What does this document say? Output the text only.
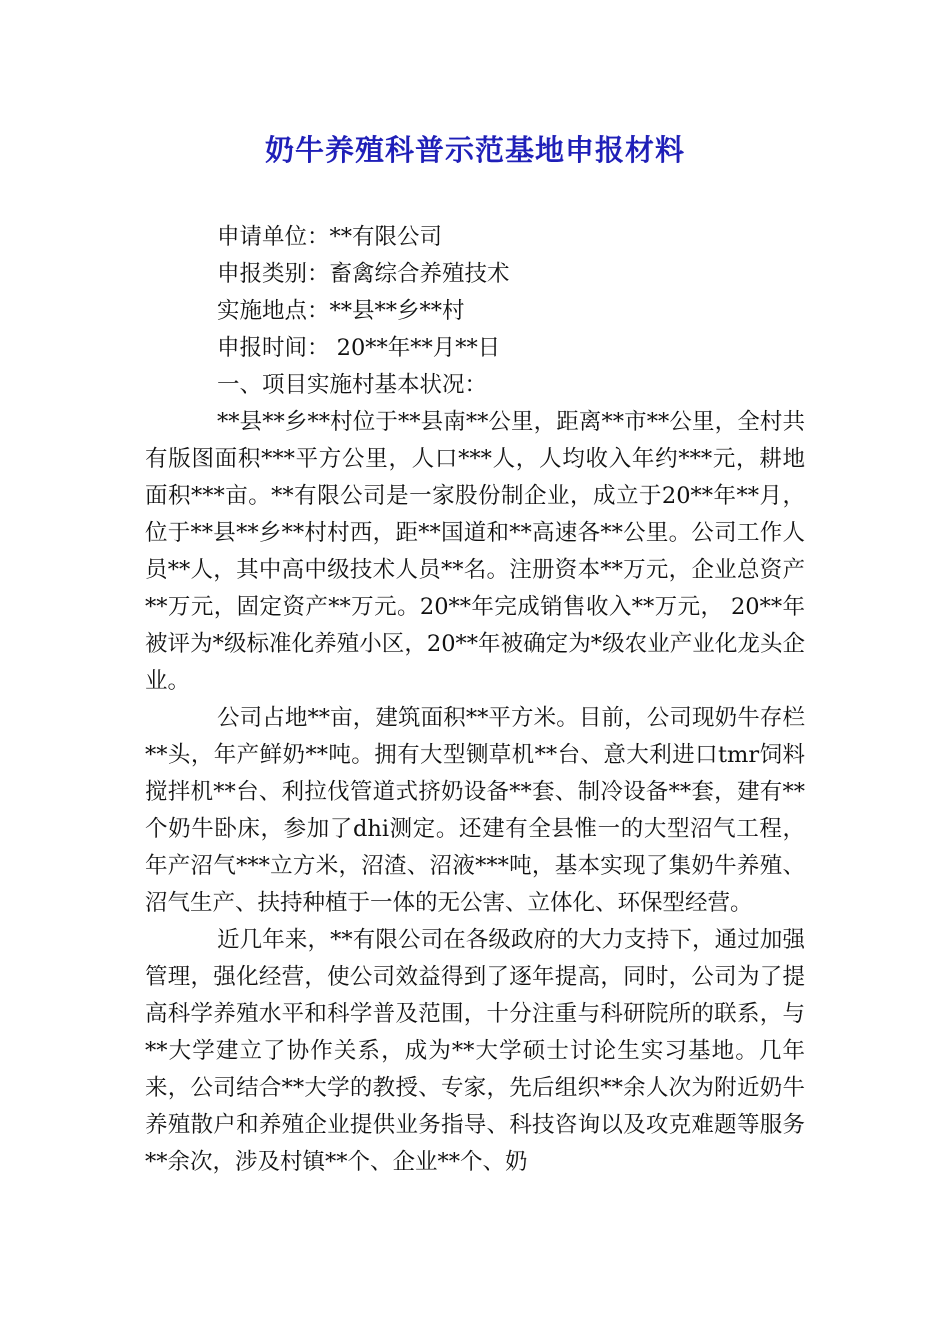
奶牛养殖科普示范基地申报材料
申请单位：**有限公司
申报类别：畜禽综合养殖技术
实施地点：**县**乡**村
申报时间： 20**年**月**日
一、项目实施村基本状况：

**县**乡**村位于**县南**公里，距离**市**公里，全村共有版图面积***平方公里，人口***人，人均收入年约***元，耕地面积***亩。**有限公司是一家股份制企业，成立于20**年**月，位于**县**乡**村村西，距**国道和**高速各**公里。公司工作人员**人，其中高中级技术人员**名。注册资本**万元，企业总资产**万元，固定资产**万元。20**年完成销售收入**万元， 20**年被评为*级标准化养殖小区，20**年被确定为*级农业产业化龙头企业。

公司占地**亩，建筑面积**平方米。目前，公司现奶牛存栏**头，年产鲜奶**吨。拥有大型铡草机**台、意大利进口tmr饲料搅拌机**台、利拉伐管道式挤奶设备**套、制冷设备**套，建有**个奶牛卧床，参加了dhi测定。还建有全县惟一的大型沼气工程，年产沼气***立方米，沼渣、沼液***吨，基本实现了集奶牛养殖、沼气生产、扶持种植于一体的无公害、立体化、环保型经营。

近几年来，**有限公司在各级政府的大力支持下，通过加强管理，强化经营，使公司效益得到了逐年提高，同时，公司为了提高科学养殖水平和科学普及范围，十分注重与科研院所的联系，与**大学建立了协作关系，成为**大学硕士讨论生实习基地。几年来，公司结合**大学的教授、专家，先后组织**余人次为附近奶牛养殖散户和养殖企业提供业务指导、科技咨询以及攻克难题等服务**余次，涉及村镇**个、企业**个、奶
